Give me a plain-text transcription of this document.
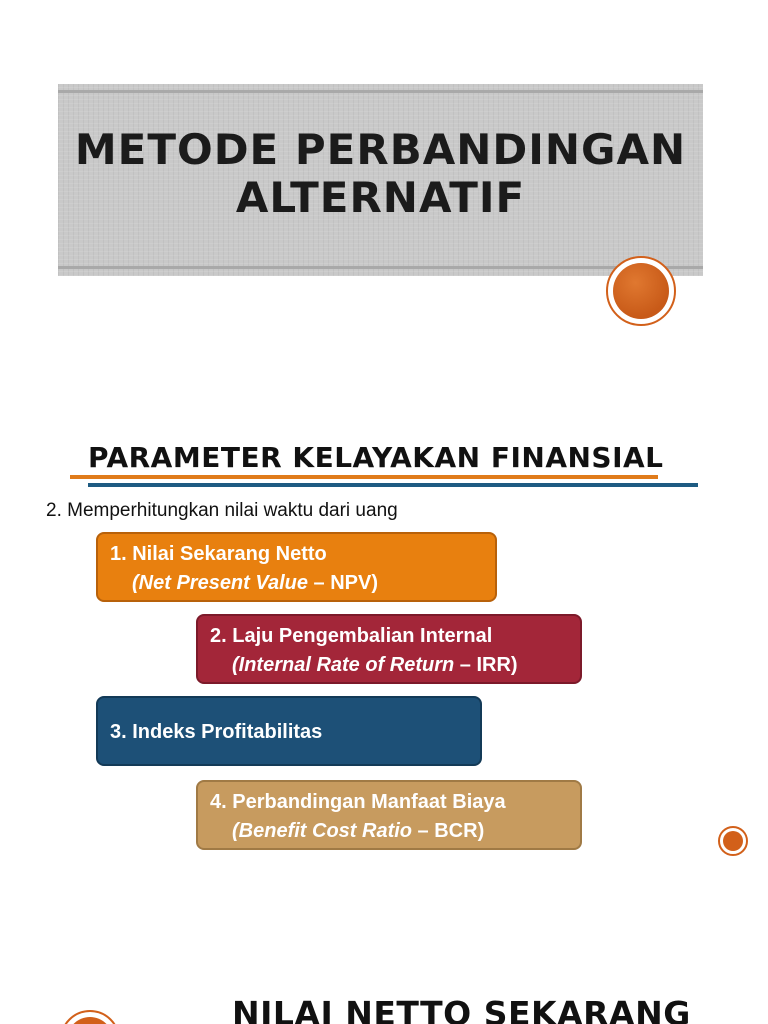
METODE PERBANDINGAN
ALTERNATIF
PARAMETER KELAYAKAN FINANSIAL

2. Memperhitungkan nilai waktu dari uang

1. Nilai Sekarang Netto
(Net Present Value – NPV)
2. Laju Pengembalian Internal
(Internal Rate of Return – IRR)
3. Indeks Profitabilitas
4. Perbandingan Manfaat Biaya
(Benefit Cost Ratio – BCR)
NILAI NETTO SEKARANG
